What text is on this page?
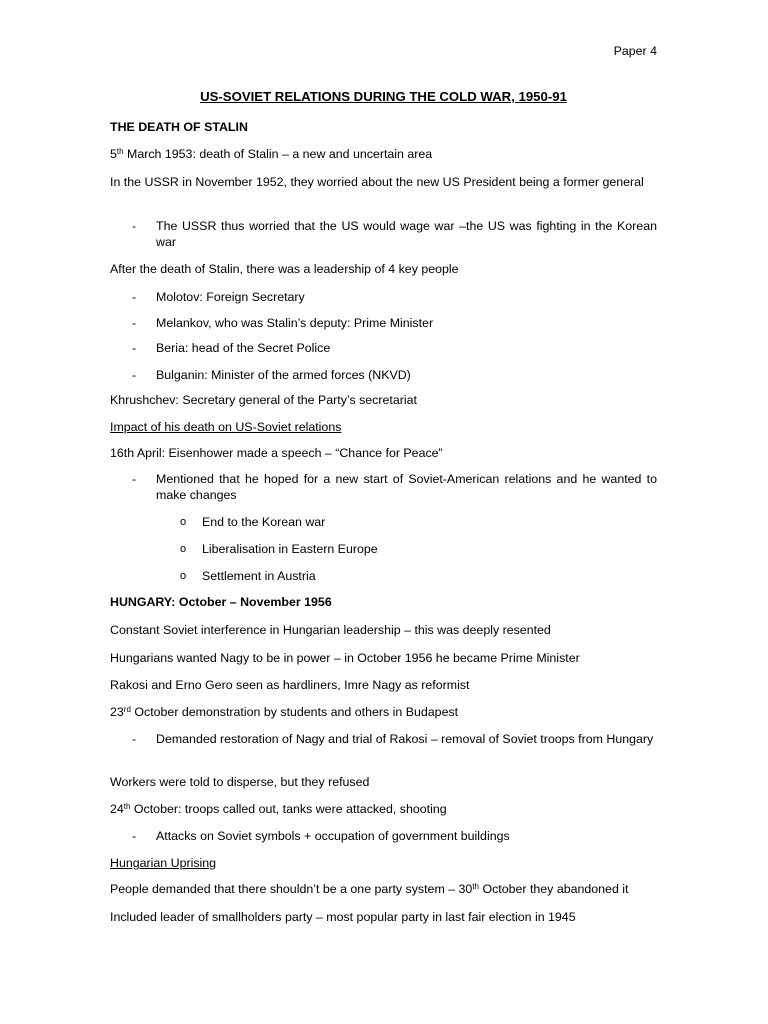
Paper 4
US-SOVIET RELATIONS DURING THE COLD WAR, 1950-91
THE DEATH OF STALIN
5th March 1953: death of Stalin – a new and uncertain area
In the USSR in November 1952, they worried about the new US President being a former general
- The USSR thus worried that the US would wage war –the US was fighting in the Korean war
After the death of Stalin, there was a leadership of 4 key people
- Molotov: Foreign Secretary
- Melankov, who was Stalin’s deputy: Prime Minister
- Beria: head of the Secret Police
- Bulganin: Minister of the armed forces (NKVD)
Khrushchev: Secretary general of the Party’s secretariat
Impact of his death on US-Soviet relations
16th April: Eisenhower made a speech – “Chance for Peace”
- Mentioned that he hoped for a new start of Soviet-American relations and he wanted to make changes
o End to the Korean war
o Liberalisation in Eastern Europe
o Settlement in Austria
HUNGARY: October – November 1956
Constant Soviet interference in Hungarian leadership – this was deeply resented
Hungarians wanted Nagy to be in power – in October 1956 he became Prime Minister
Rakosi and Erno Gero seen as hardliners, Imre Nagy as reformist
23rd October demonstration by students and others in Budapest
- Demanded restoration of Nagy and trial of Rakosi – removal of Soviet troops from Hungary
Workers were told to disperse, but they refused
24th October: troops called out, tanks were attacked, shooting
- Attacks on Soviet symbols + occupation of government buildings
Hungarian Uprising
People demanded that there shouldn’t be a one party system – 30th October they abandoned it
Included leader of smallholders party – most popular party in last fair election in 1945
